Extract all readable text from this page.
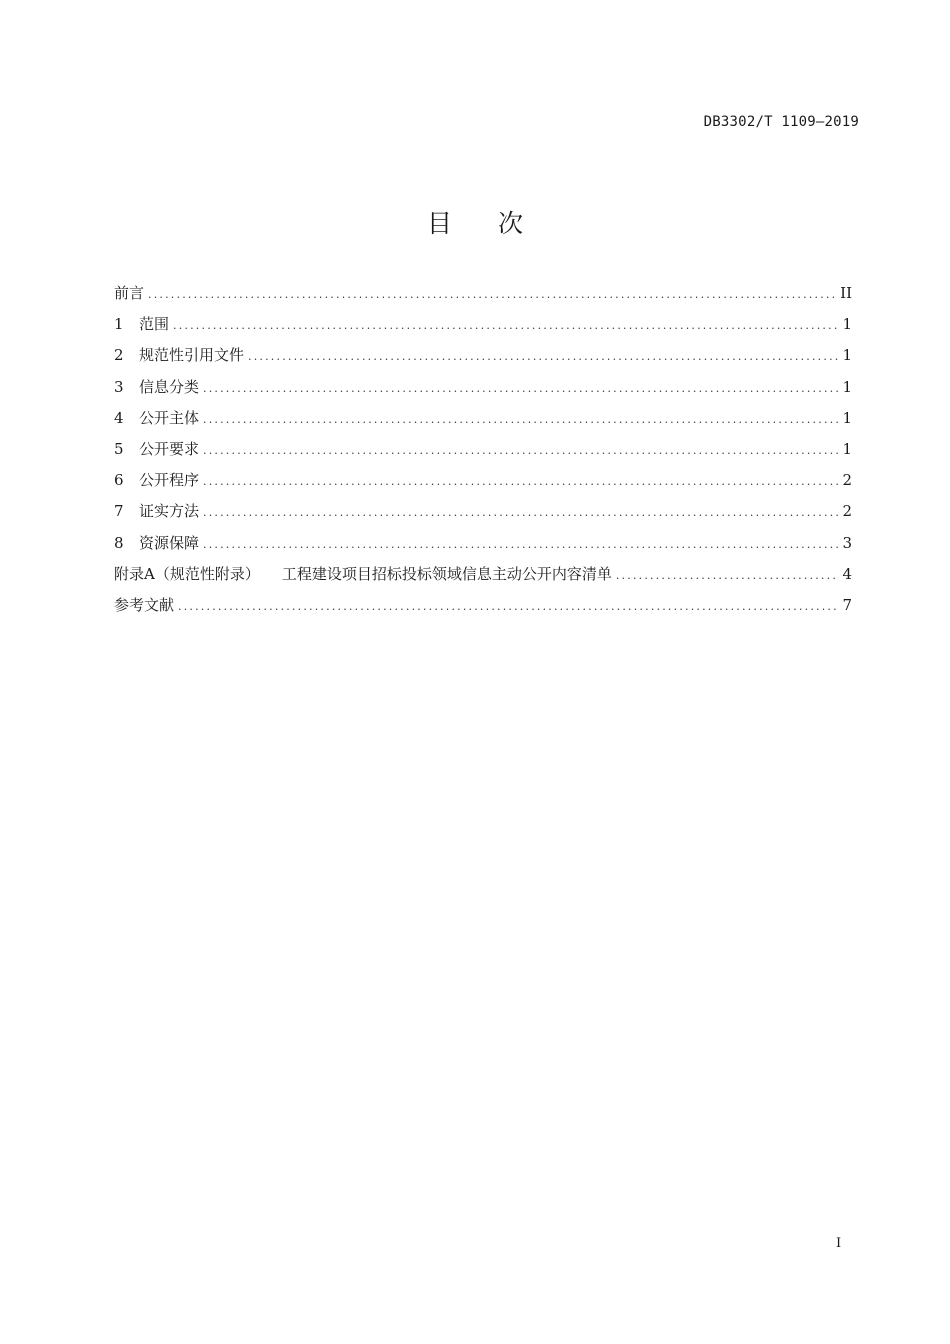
DB3302/T 1109—2019
目次
前言 .....	II
1	范围 .....	1
2	规范性引用文件 .....	1
3	信息分类 .....	1
4	公开主体 .....	1
5	公开要求 .....	1
6	公开程序 .....	2
7	证实方法 .....	2
8	资源保障 .....	3
附录A（规范性附录） 工程建设项目招标投标领域信息主动公开内容清单 .....	4
参考文献 .....	7
I
